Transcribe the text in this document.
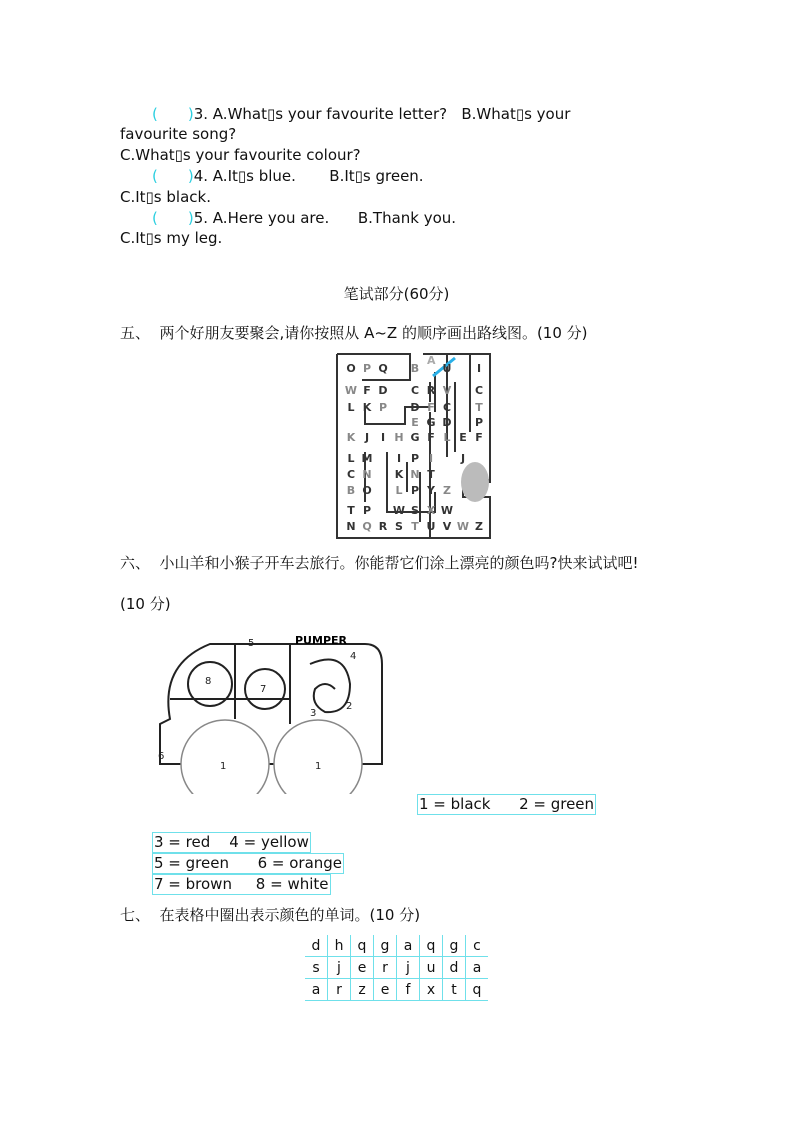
( )3. A.What▯s your favourite letter?   B.What▯s your
favourite song?
C.What▯s your favourite colour?
( )4. A.It▯s blue.       B.It▯s green.
C.It▯s black.
( )5. A.Here you are.      B.Thank you.
C.It▯s my leg.
笔试部分(60分)
五、  两个好朋友要聚会,请你按照从 A~Z 的顺序画出路线图。(10 分)
A
O P Q	B	U	I
W F D	C R V	C
L K P	D F C	T
E G D	P
K J	I H G F L E F
L M	I P I	J
C N	K N T
B O	L P Y Z
T P	W S X W
N Q R S T U V W Z
六、  小山羊和小猴子开车去旅行。你能帮它们涂上漂亮的颜色吗?快来试试吧!
(10 分)
PUMPER
1	1
2
3
4
5
6
7
8
1 = black      2 = green
3 = red    4 = yellow
5 = green      6 = orange
7 = brown     8 = white
七、  在表格中圈出表示颜色的单词。(10 分)
d	h	q	g	a	q	g	c
s	j	e	r	j	u	d	a
a	r	z	e	f	x	t	q
